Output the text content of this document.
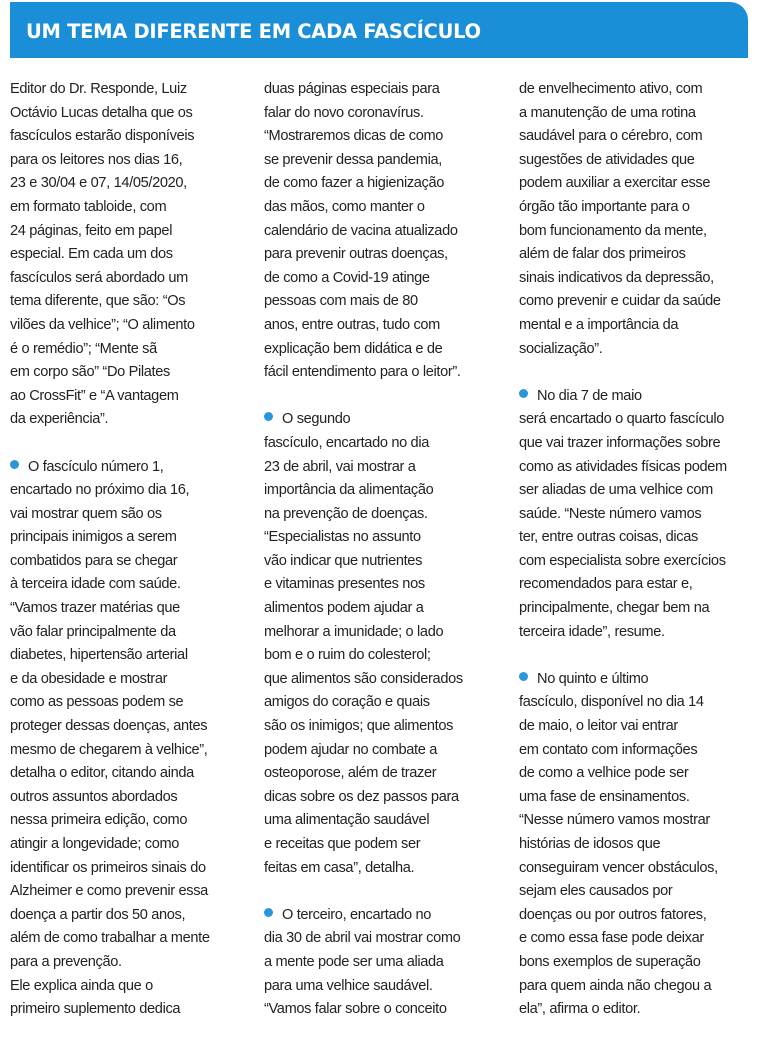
UM TEMA DIFERENTE EM CADA FASCÍCULO

Editor do Dr. Responde, Luiz
Octávio Lucas detalha que os
fascículos estarão disponíveis
para os leitores nos dias 16,
23 e 30/04 e 07, 14/05/2020,
em formato tabloide, com
24 páginas, feito em papel
especial. Em cada um dos
fascículos será abordado um
tema diferente, que são: “Os
vilões da velhice”; “O alimento
é o remédio”; “Mente sã
em corpo são” “Do Pilates
ao CrossFit” e “A vantagem
da experiência”.

O fascículo número 1,
encartado no próximo dia 16,
vai mostrar quem são os
principais inimigos a serem
combatidos para se chegar
à terceira idade com saúde.
“Vamos trazer matérias que
vão falar principalmente da
diabetes, hipertensão arterial
e da obesidade e mostrar
como as pessoas podem se
proteger dessas doenças, antes
mesmo de chegarem à velhice”,
detalha o editor, citando ainda
outros assuntos abordados
nessa primeira edição, como
atingir a longevidade; como
identificar os primeiros sinais do
Alzheimer e como prevenir essa
doença a partir dos 50 anos,
além de como trabalhar a mente
para a prevenção.
Ele explica ainda que o
primeiro suplemento dedica

duas páginas especiais para
falar do novo coronavírus.
“Mostraremos dicas de como
se prevenir dessa pandemia,
de como fazer a higienização
das mãos, como manter o
calendário de vacina atualizado
para prevenir outras doenças,
de como a Covid-19 atinge
pessoas com mais de 80
anos, entre outras, tudo com
explicação bem didática e de
fácil entendimento para o leitor”.

O segundo
fascículo, encartado no dia
23 de abril, vai mostrar a
importância da alimentação
na prevenção de doenças.
“Especialistas no assunto
vão indicar que nutrientes
e vitaminas presentes nos
alimentos podem ajudar a
melhorar a imunidade; o lado
bom e o ruim do colesterol;
que alimentos são considerados
amigos do coração e quais
são os inimigos; que alimentos
podem ajudar no combate a
osteoporose, além de trazer
dicas sobre os dez passos para
uma alimentação saudável
e receitas que podem ser
feitas em casa”, detalha.

O terceiro, encartado no
dia 30 de abril vai mostrar como
a mente pode ser uma aliada
para uma velhice saudável.
“Vamos falar sobre o conceito

de envelhecimento ativo, com
a manutenção de uma rotina
saudável para o cérebro, com
sugestões de atividades que
podem auxiliar a exercitar esse
órgão tão importante para o
bom funcionamento da mente,
além de falar dos primeiros
sinais indicativos da depressão,
como prevenir e cuidar da saúde
mental e a importância da
socialização”.

No dia 7 de maio
será encartado o quarto fascículo
que vai trazer informações sobre
como as atividades físicas podem
ser aliadas de uma velhice com
saúde. “Neste número vamos
ter, entre outras coisas, dicas
com especialista sobre exercícios
recomendados para estar e,
principalmente, chegar bem na
terceira idade”, resume.

No quinto e último
fascículo, disponível no dia 14
de maio, o leitor vai entrar
em contato com informações
de como a velhice pode ser
uma fase de ensinamentos.
“Nesse número vamos mostrar
histórias de idosos que
conseguiram vencer obstáculos,
sejam eles causados por
doenças ou por outros fatores,
e como essa fase pode deixar
bons exemplos de superação
para quem ainda não chegou a
ela”, afirma o editor.
